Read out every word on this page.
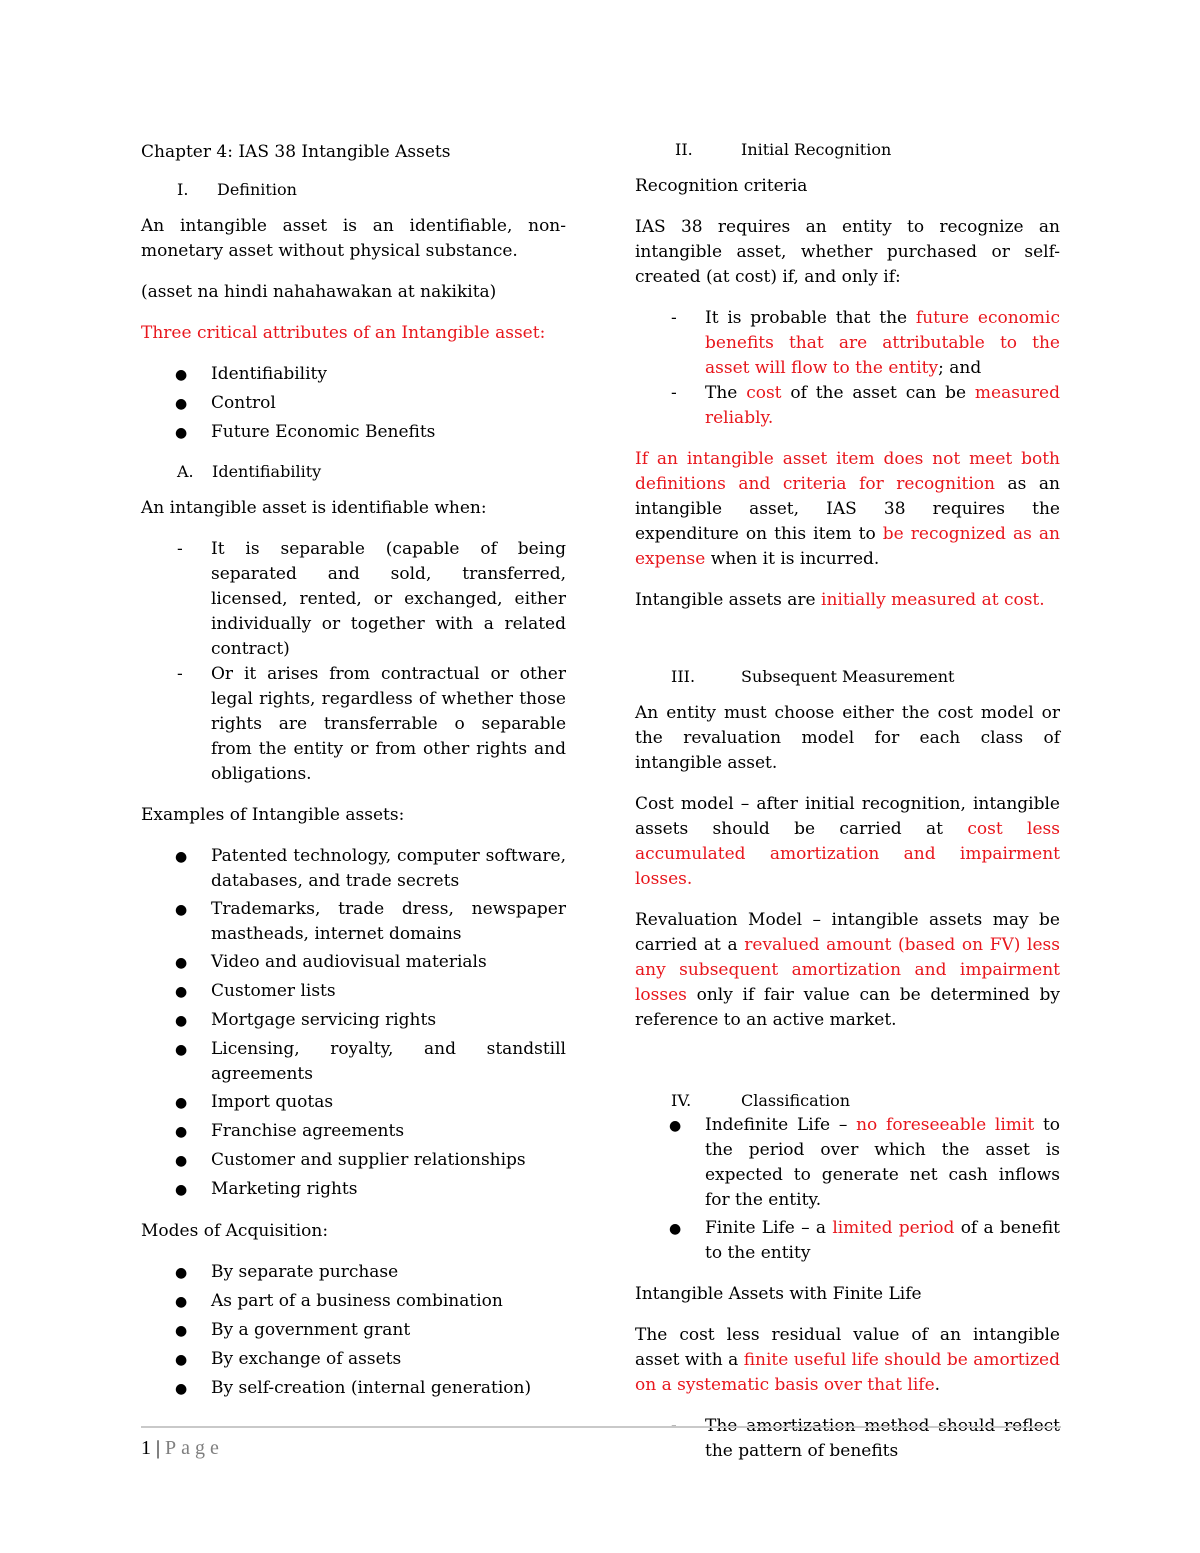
Chapter 4: IAS 38 Intangible Assets

I.	Definition

An intangible asset is an identifiable, non-monetary asset without physical substance.

(asset na hindi nahahawakan at nakikita)

Three critical attributes of an Intangible asset:

●	Identifiability
●	Control
●	Future Economic Benefits
A.	Identifiability

An intangible asset is identifiable when:

-	It is separable (capable of being separated and sold, transferred, licensed, rented, or exchanged, either individually or together with a related contract)
-	Or it arises from contractual or other legal rights, regardless of whether those rights are transferrable o separable from the entity or from other rights and obligations.

Examples of Intangible assets:

●	Patented technology, computer software, databases, and trade secrets
●	Trademarks, trade dress, newspaper mastheads, internet domains
●	Video and audiovisual materials
●	Customer lists
●	Mortgage servicing rights
●	Licensing, royalty, and standstill agreements
●	Import quotas
●	Franchise agreements
●	Customer and supplier relationships
●	Marketing rights

Modes of Acquisition:

●	By separate purchase
●	As part of a business combination
●	By a government grant
●	By exchange of assets
●	By self-creation (internal generation)
II.	Initial Recognition

Recognition criteria

IAS 38 requires an entity to recognize an intangible asset, whether purchased or self-created (at cost) if, and only if:

-	It is probable that the future economic benefits that are attributable to the asset will flow to the entity; and
-	The cost of the asset can be measured reliably.

If an intangible asset item does not meet both definitions and criteria for recognition as an intangible asset, IAS 38 requires the expenditure on this item to be recognized as an expense when it is incurred.

Intangible assets are initially measured at cost.

III.	Subsequent Measurement

An entity must choose either the cost model or the revaluation model for each class of intangible asset.

Cost model – after initial recognition, intangible assets should be carried at cost less accumulated amortization and impairment losses.

Revaluation Model – intangible assets may be carried at a revalued amount (based on FV) less any subsequent amortization and impairment losses only if fair value can be determined by reference to an active market.

IV.	Classification
●	Indefinite Life – no foreseeable limit to the period over which the asset is expected to generate net cash inflows for the entity.
●	Finite Life – a limited period of a benefit to the entity

Intangible Assets with Finite Life

The cost less residual value of an intangible asset with a finite useful life should be amortized on a systematic basis over that life.

-	The amortization method should reflect the pattern of benefits

1 | Page
